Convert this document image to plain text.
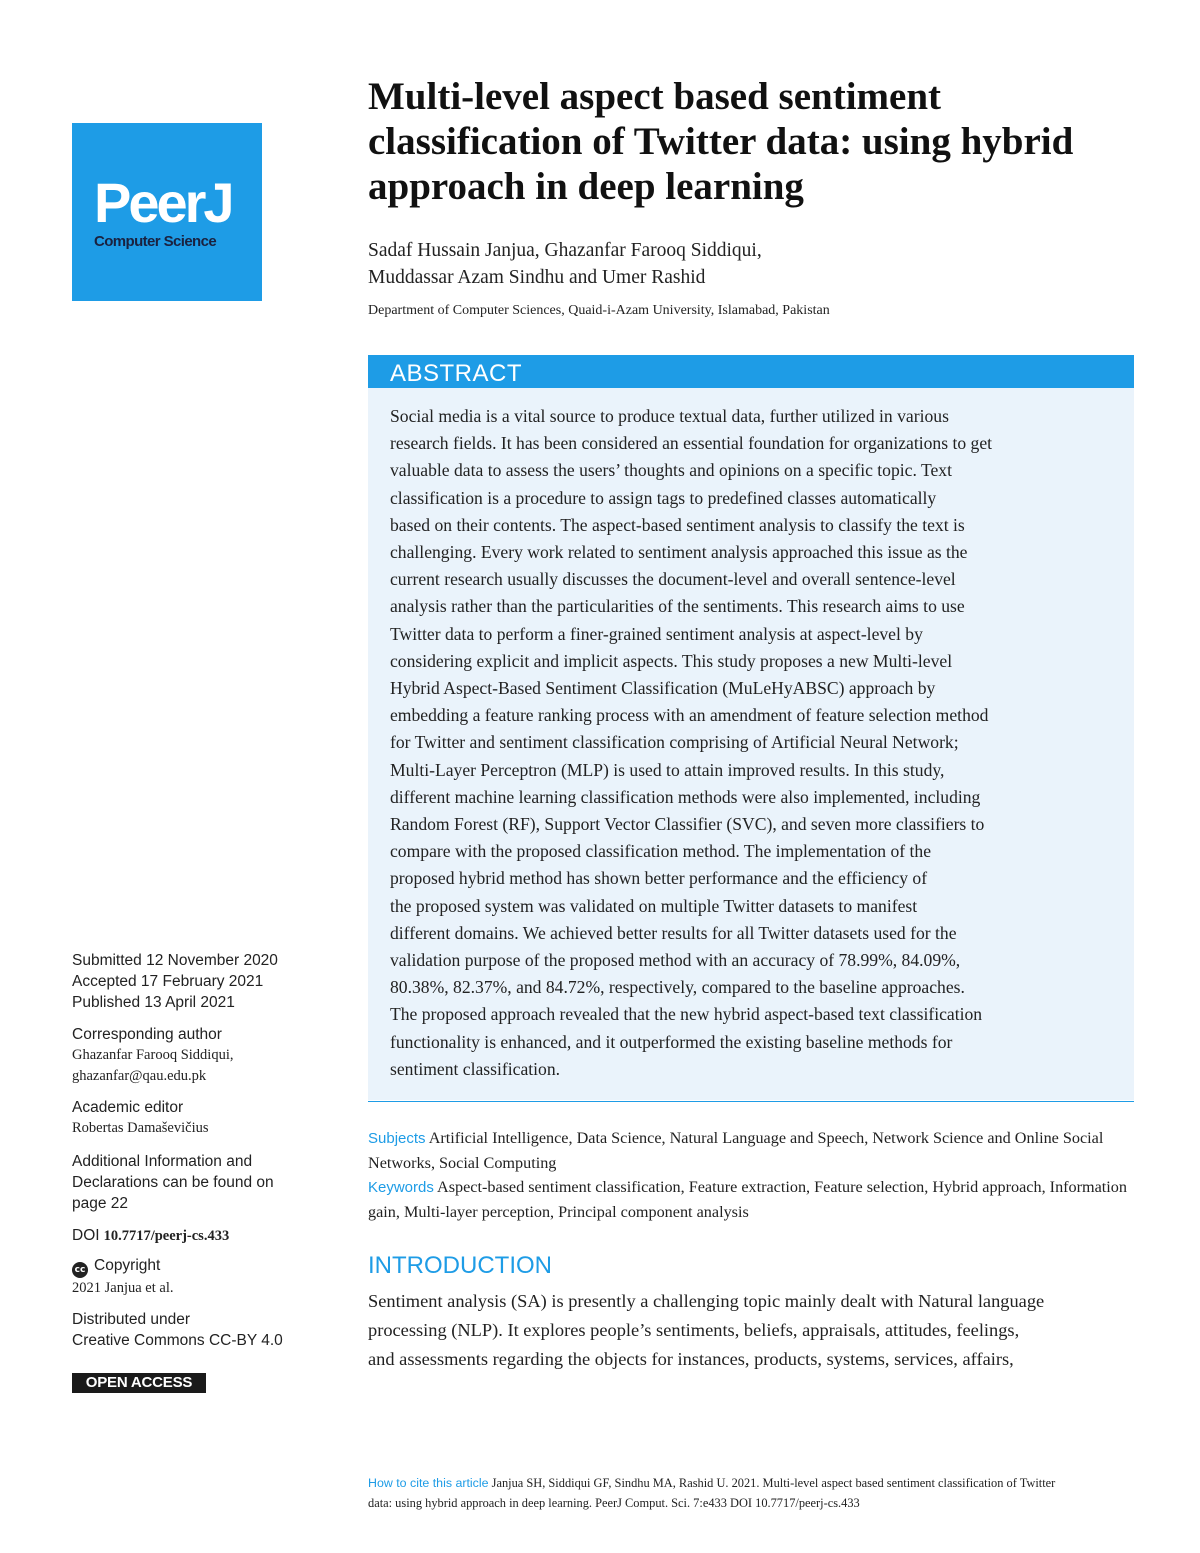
PeerJ
Computer Science
Multi-level aspect based sentiment
classification of Twitter data: using hybrid
approach in deep learning
Sadaf Hussain Janjua, Ghazanfar Farooq Siddiqui,
Muddassar Azam Sindhu and Umer Rashid
Department of Computer Sciences, Quaid-i-Azam University, Islamabad, Pakistan
ABSTRACT
Social media is a vital source to produce textual data, further utilized in various
research fields. It has been considered an essential foundation for organizations to get
valuable data to assess the users’ thoughts and opinions on a specific topic. Text
classification is a procedure to assign tags to predefined classes automatically
based on their contents. The aspect-based sentiment analysis to classify the text is
challenging. Every work related to sentiment analysis approached this issue as the
current research usually discusses the document-level and overall sentence-level
analysis rather than the particularities of the sentiments. This research aims to use
Twitter data to perform a finer-grained sentiment analysis at aspect-level by
considering explicit and implicit aspects. This study proposes a new Multi-level
Hybrid Aspect-Based Sentiment Classification (MuLeHyABSC) approach by
embedding a feature ranking process with an amendment of feature selection method
for Twitter and sentiment classification comprising of Artificial Neural Network;
Multi-Layer Perceptron (MLP) is used to attain improved results. In this study,
different machine learning classification methods were also implemented, including
Random Forest (RF), Support Vector Classifier (SVC), and seven more classifiers to
compare with the proposed classification method. The implementation of the
proposed hybrid method has shown better performance and the efficiency of
the proposed system was validated on multiple Twitter datasets to manifest
different domains. We achieved better results for all Twitter datasets used for the
validation purpose of the proposed method with an accuracy of 78.99%, 84.09%,
80.38%, 82.37%, and 84.72%, respectively, compared to the baseline approaches.
The proposed approach revealed that the new hybrid aspect-based text classification
functionality is enhanced, and it outperformed the existing baseline methods for
sentiment classification.
Submitted 12 November 2020
Accepted 17 February 2021
Published 13 April 2021
Corresponding author
Ghazanfar Farooq Siddiqui,
ghazanfar@qau.edu.pk
Academic editor
Robertas Damaševičius
Additional Information and
Declarations can be found on
page 22
DOI 10.7717/peerj-cs.433
cc Copyright
2021 Janjua et al.
Distributed under
Creative Commons CC-BY 4.0
OPEN ACCESS
Subjects Artificial Intelligence, Data Science, Natural Language and Speech, Network Science and Online Social Networks, Social Computing
Keywords Aspect-based sentiment classification, Feature extraction, Feature selection, Hybrid approach, Information gain, Multi-layer perception, Principal component analysis
INTRODUCTION
Sentiment analysis (SA) is presently a challenging topic mainly dealt with Natural language
processing (NLP). It explores people’s sentiments, beliefs, appraisals, attitudes, feelings,
and assessments regarding the objects for instances, products, systems, services, affairs,
How to cite this article Janjua SH, Siddiqui GF, Sindhu MA, Rashid U. 2021. Multi-level aspect based sentiment classification of Twitter
data: using hybrid approach in deep learning. PeerJ Comput. Sci. 7:e433 DOI 10.7717/peerj-cs.433
